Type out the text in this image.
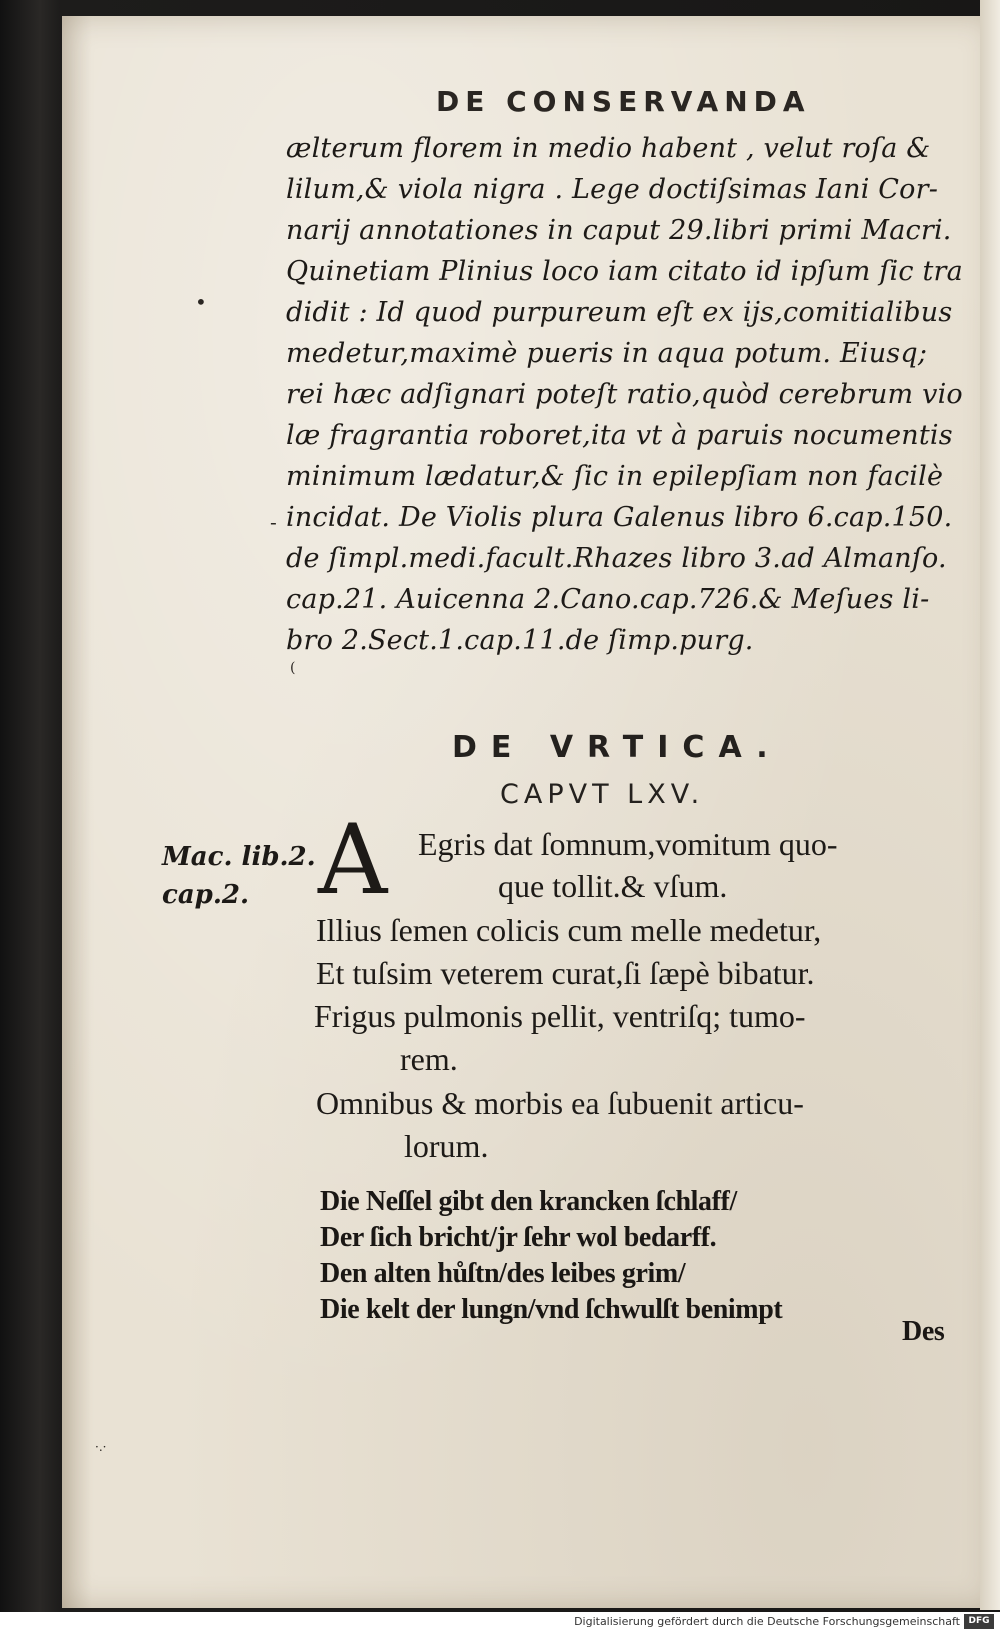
DE CONSERVANDA
ælterum florem in medio habent , velut roſa &
lilum,& viola nigra . Lege doctiſsimas Iani Cor-
narij annotationes in caput 29.libri primi Macri.
Quinetiam Plinius loco iam citato id ipſum ſic tra
didit : Id quod purpureum eſt ex ijs,comitialibus
medetur,maximè pueris in aqua potum. Eiusq;
rei hæc adſignari poteſt ratio,quòd cerebrum vio
læ fragrantia roboret,ita vt à paruis nocumentis
minimum lædatur,& ſic in epilepſiam non facilè
incidat. De Violis plura Galenus libro 6.cap.150.
de ſimpl.medi.facult.Rhazes libro 3.ad Almanſo.
cap.21. Auicenna 2.Cano.cap.726.& Meſues li-
bro 2.Sect.1.cap.11.de ſimp.purg.
•
-
(
DE VRTICA.
CAPVT LXV.
Mac. lib.2.
cap.2. A Egris dat ſomnum,vomitum quo-
que tollit.& vſum.
Illius ſemen colicis cum melle medetur,
Et tuſsim veterem curat,ſi ſæpè bibatur.
Frigus pulmonis pellit, ventriſq; tumo-
rem.
Omnibus & morbis ea ſubuenit articu-
lorum.
Die Neſſel gibt den krancken ſchlaff/
Der ſich bricht/jr ſehr wol bedarff.
Den alten hůſtn/des leibes grim/
Die kelt der lungn/vnd ſchwulſt benimpt
Des
·.·
Digitalisierung gefördert durch die Deutsche Forschungsgemeinschaft DFG
